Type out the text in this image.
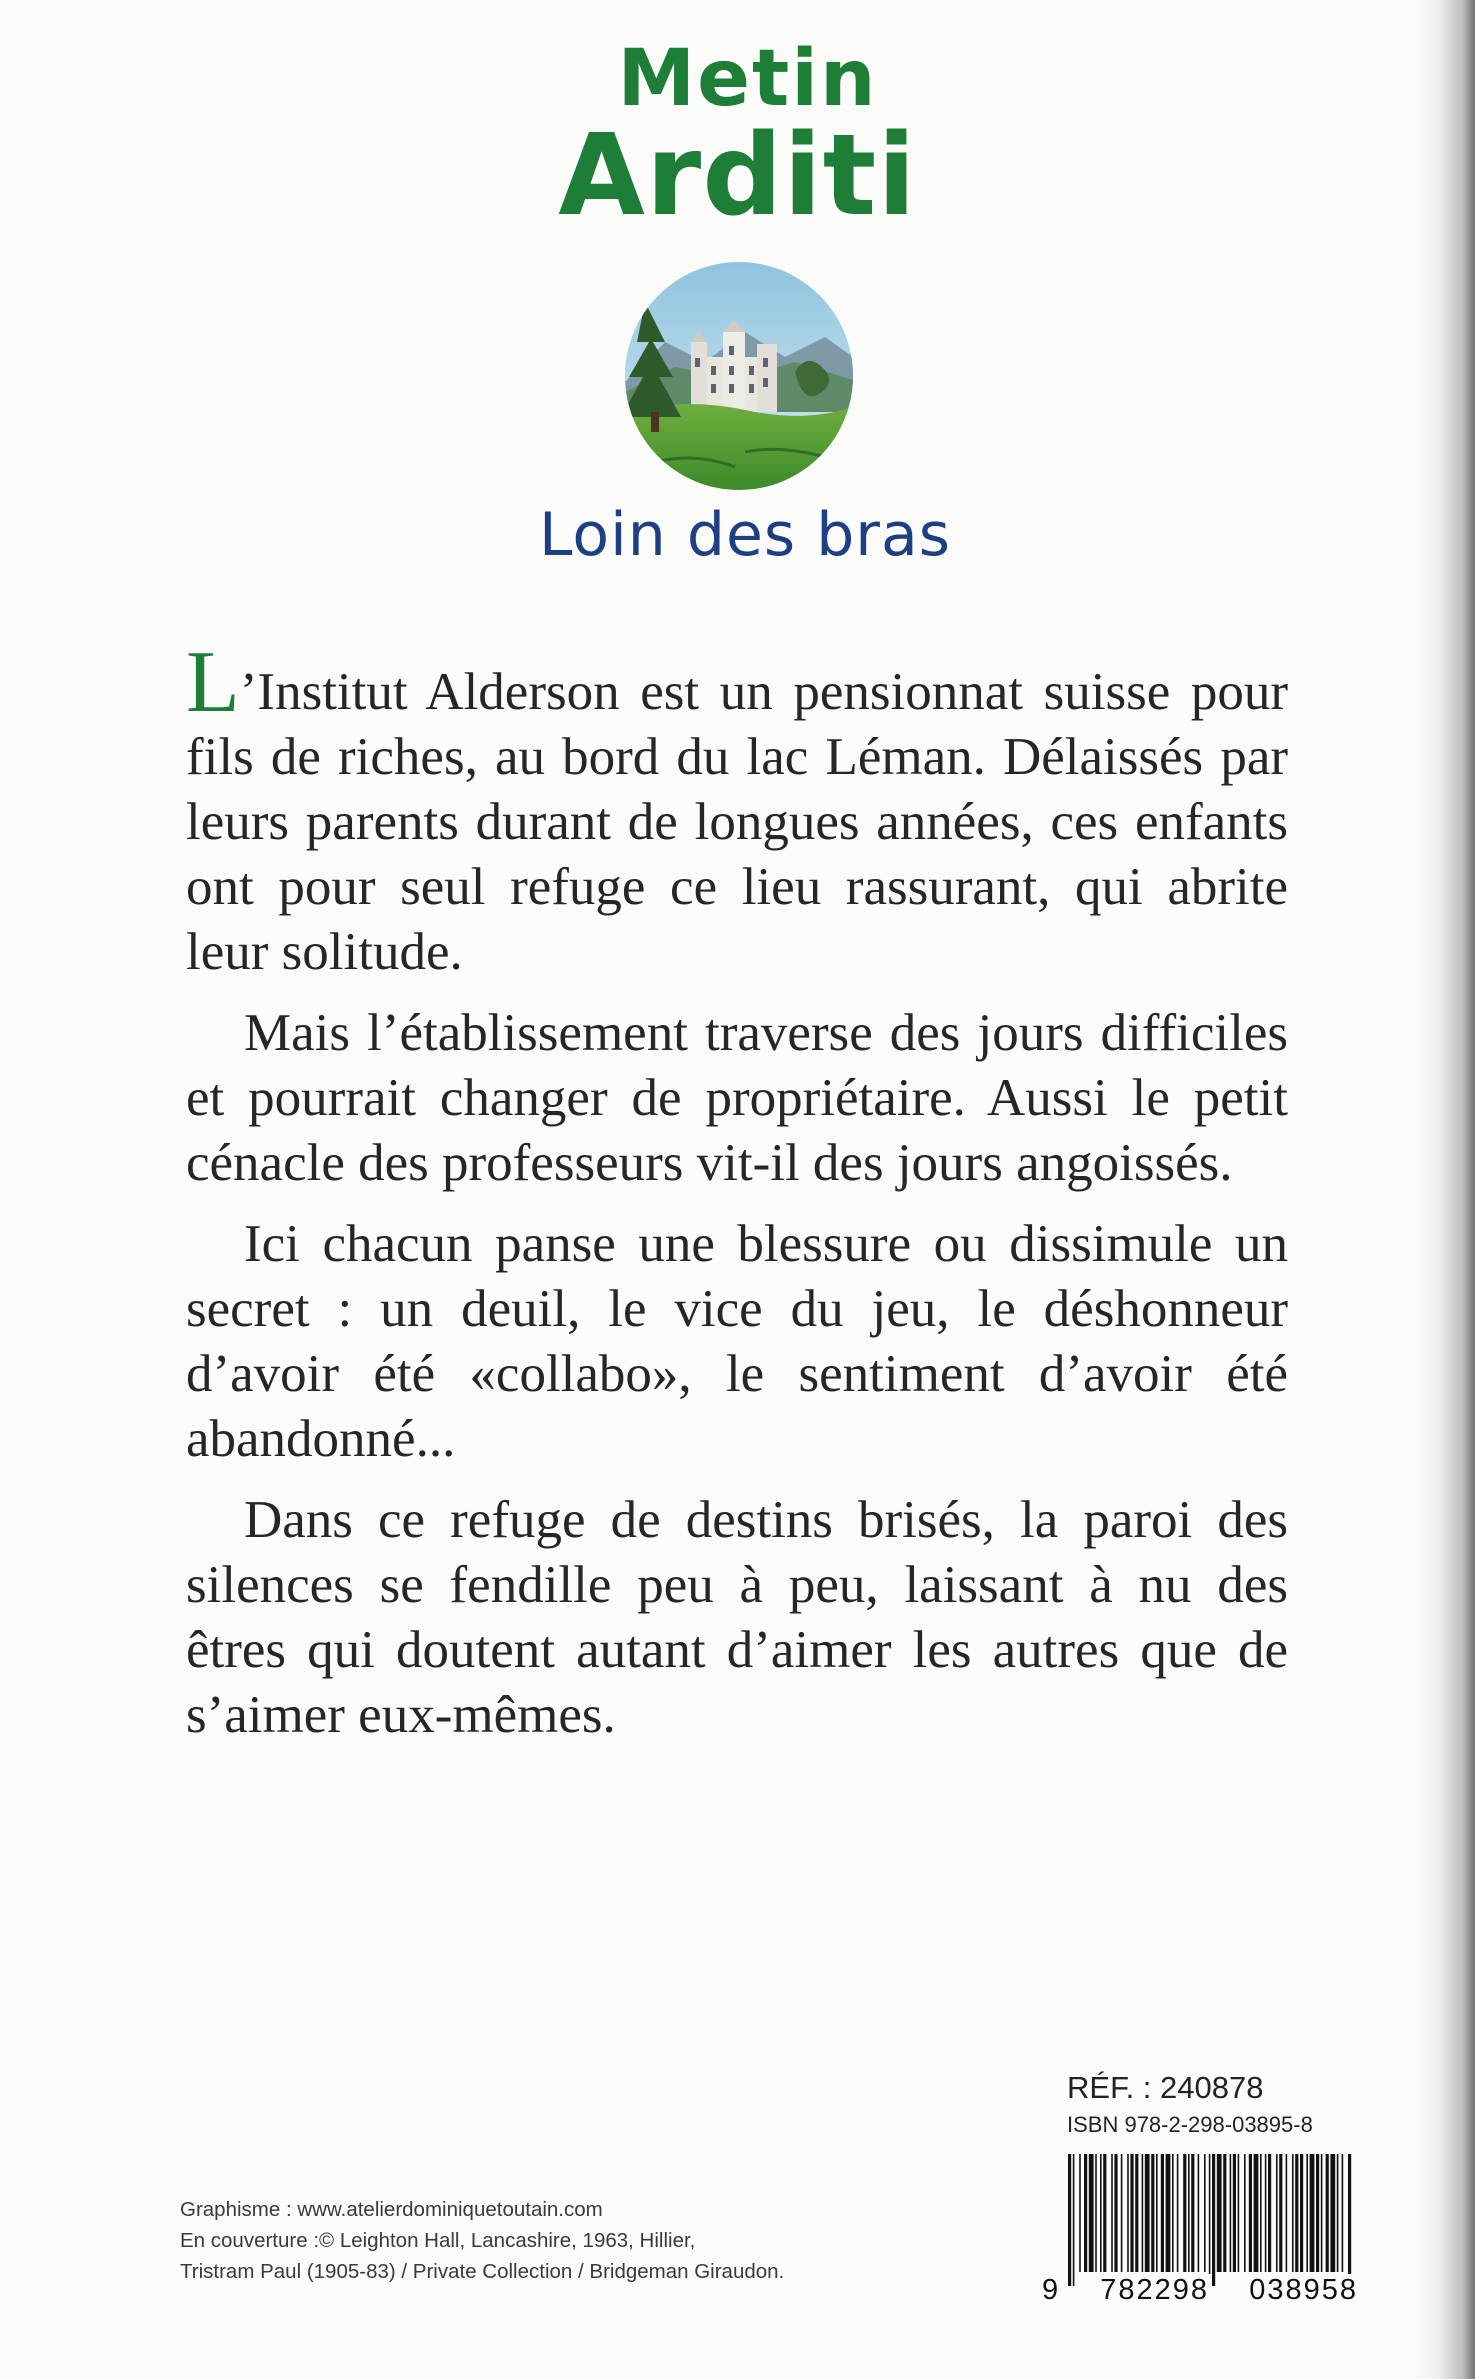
Metin
Arditi
Loin des bras

L’Institut Alderson est un pensionnat suisse pour fils de riches, au bord du lac Léman. Délaissés par leurs parents durant de longues années, ces enfants ont pour seul refuge ce lieu rassurant, qui abrite leur solitude.

Mais l’établissement traverse des jours difficiles et pourrait changer de propriétaire. Aussi le petit cénacle des professeurs vit-il des jours angoissés.

Ici chacun panse une blessure ou dissimule un secret : un deuil, le vice du jeu, le déshonneur d’avoir été «collabo», le sentiment d’avoir été abandonné...

Dans ce refuge de destins brisés, la paroi des silences se fendille peu à peu, laissant à nu des êtres qui doutent autant d’aimer les autres que de s’aimer eux-mêmes.

Graphisme : www.atelierdominiquetoutain.com
En couverture :© Leighton Hall, Lancashire, 1963, Hillier,
Tristram Paul (1905-83) / Private Collection / Bridgeman Giraudon.

RÉF. : 240878

ISBN 978-2-298-03895-8

9 782298 038958
